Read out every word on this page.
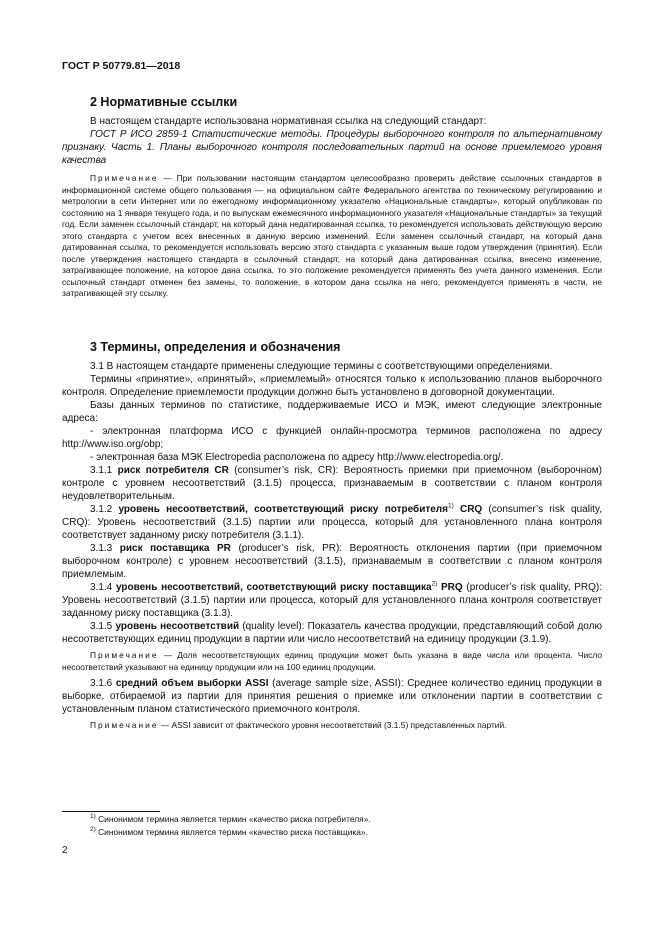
ГОСТ Р 50779.81—2018
2 Нормативные ссылки

В настоящем стандарте использована нормативная ссылка на следующий стандарт:

ГОСТ Р ИСО 2859-1 Статистические методы. Процедуры выборочного контроля по альтернативному признаку. Часть 1. Планы выборочного контроля последовательных партий на основе приемлемого уровня качества

Примечание — При пользовании настоящим стандартом целесообразно проверить действие ссылочных стандартов в информационной системе общего пользования — на официальном сайте Федерального агентства по техническому регулированию и метрологии в сети Интернет или по ежегодному информационному указателю «Национальные стандарты», который опубликован по состоянию на 1 января текущего года, и по выпускам ежемесячного информационного указателя «Национальные стандарты» за текущий год. Если заменен ссылочный стандарт, на который дана недатированная ссылка, то рекомендуется использовать действующую версию этого стандарта с учетом всех внесенных в данную версию изменений. Если заменен ссылочный стандарт, на который дана датированная ссылка, то рекомендуется использовать версию этого стандарта с указанным выше годом утверждения (принятия). Если после утверждения настоящего стандарта в ссылочный стандарт, на который дана датированная ссылка, внесено изменение, затрагивающее положение, на которое дана ссылка, то это положение рекомендуется применять без учета данного изменения. Если ссылочный стандарт отменен без замены, то положение, в котором дана ссылка на него, рекомендуется применять в части, не затрагивающей эту ссылку.

3 Термины, определения и обозначения

3.1 В настоящем стандарте применены следующие термины с соответствующими определениями.

Термины «принятие», «принятый», «приемлемый» относятся только к использованию планов выборочного контроля. Определение приемлемости продукции должно быть установлено в договорной документации.

Базы данных терминов по статистике, поддерживаемые ИСО и МЭК, имеют следующие электронные адреса:

- электронная платформа ИСО с функцией онлайн-просмотра терминов расположена по адресу http://www.iso.org/obp;

- электронная база МЭК Electropedia расположена по адресу http://www.electropedia.org/.

3.1.1 риск потребителя CR (consumer’s risk, CR): Вероятность приемки при приемочном (выборочном) контроле с уровнем несоответствий (3.1.5) процесса, признаваемым в соответствии с планом контроля неудовлетворительным.

3.1.2 уровень несоответствий, соответствующий риску потребителя$^{1)}$ CRQ (consumer’s risk quality, CRQ): Уровень несоответствий (3.1.5) партии или процесса, который для установленного плана контроля соответствует заданному риску потребителя (3.1.1).

3.1.3 риск поставщика PR (producer’s risk, PR): Вероятность отклонения партии (при приемочном выборочном контроле) с уровнем несоответствий (3.1.5), признаваемым в соответствии с планом контроля приемлемым.

3.1.4 уровень несоответствий, соответствующий риску поставщика$^{2)}$ PRQ (producer’s risk quality, PRQ): Уровень несоответствий (3.1.5) партии или процесса, который для установленного плана контроля соответствует заданному риску поставщика (3.1.3).

3.1.5 уровень несоответствий (quality level): Показатель качества продукции, представляющий собой долю несоответствующих единиц продукции в партии или число несоответствий на единицу продукции (3.1.9).

Примечание — Доля несоответствующих единиц продукции может быть указана в виде числа или процента. Число несоответствий указывают на единицу продукции или на 100 единиц продукции.

3.1.6 средний объем выборки ASSI (average sample size, ASSI): Среднее количество единиц продукции в выборке, отбираемой из партии для принятия решения о приемке или отклонении партии в соответствии с установленным планом статистического приемочного контроля.

Примечание — ASSI зависит от фактического уровня несоответствий (3.1.5) представленных партий.

$^{1)}$ Синонимом термина является термин «качество риска потребителя».
$^{2)}$ Синонимом термина является термин «качество риска поставщика».
2
